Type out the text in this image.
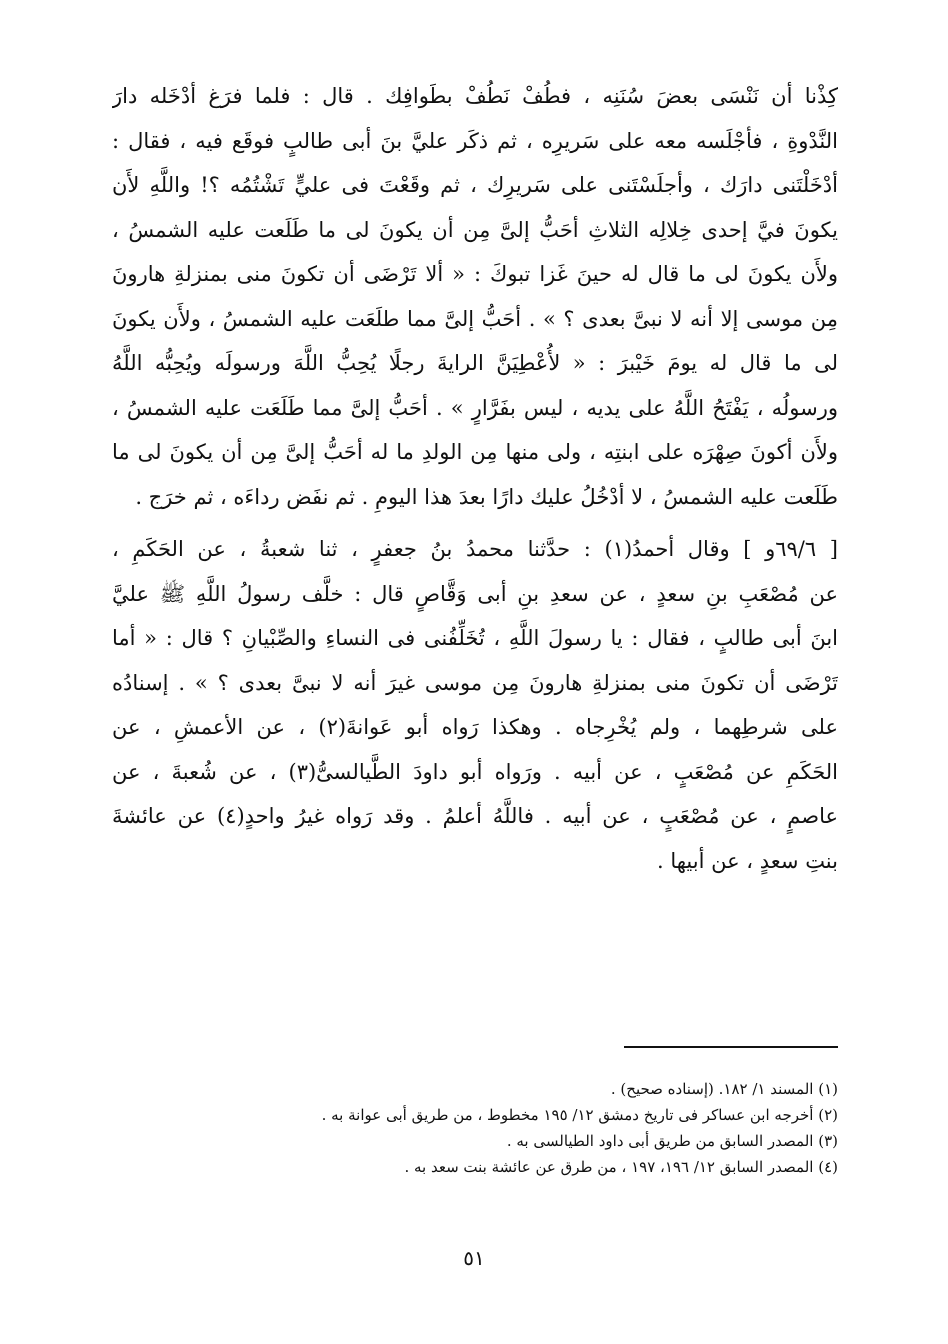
كِذْنا أن نَنْسَى بعضَ سُنَنِه ، فطُفْ نَطُفْ بطَوافِك . قال : فلما فرَغ أدْخَله دارَ
النَّدْوةِ ، فأجْلَسه معه على سَريرِه ، ثم ذكَر عليَّ بنَ أبى طالبٍ فوقَع فيه ، فقال :
أدْخَلْتَنى دارَك ، وأجلَسْتَنى على سَريرِك ، ثم وقَعْتَ فى عليٍّ تَشْتُمُه ؟! واللَّهِ لأَن
يكونَ فيَّ إحدى خِلالِه الثلاثِ أحَبُّ إلىَّ مِن أن يكونَ لى ما طَلَعت عليه الشمسُ ،
ولأَن يكونَ لى ما قال له حينَ غَزا تبوكَ : « ألا تَرْضَى أن تكونَ منى بمنزلةِ هارونَ
مِن موسى إلا أنه لا نبىَّ بعدى ؟ » . أحَبُّ إلىَّ مما طلَعَت عليه الشمسُ ، ولأَن يكونَ
لى ما قال له يومَ خَيْبرَ : « لأُعْطِيَنَّ الرايةَ رجلًا يُحِبُّ اللَّهَ ورسولَه ويُحِبُّه اللَّهُ
ورسولُه ، يَفْتَحُ اللَّهُ على يديه ، ليس بفَرَّارٍ » . أحَبُّ إلىَّ مما طَلَعَت عليه الشمسُ ،
ولأَن أكونَ صِهْرَه على ابنتِه ، ولى منها مِن الولدِ ما له أحَبُّ إلىَّ مِن أن يكونَ لى ما
طَلَعت عليه الشمسُ ، لا أدْخُلُ عليك دارًا بعدَ هذا اليومِ . ثم نفَض رداءَه ، ثم خرَج .
[ ٦٩/٦و ] وقال أحمدُ(١) : حدَّثنا محمدُ بنُ جعفرٍ ، ثنا شعبةُ ، عن الحَكَمِ ،
عن مُصْعَبِ بنِ سعدٍ ، عن سعدِ بنِ أبى وَقَّاصٍ قال : خلَّف رسولُ اللَّهِ ﷺ عليَّ
ابنَ أبى طالبٍ ، فقال : يا رسولَ اللَّهِ ، تُخَلِّفُنى فى النساءِ والصِّبْيانِ ؟ قال : « أما
تَرْضَى أن تكونَ منى بمنزلةِ هارونَ مِن موسى غيرَ أنه لا نبىَّ بعدى ؟ » . إسنادُه
على شرطِهما ، ولم يُخْرِجاه . وهكذا رَواه أبو عَوانةَ(٢) ، عن الأعمشِ ، عن
الحَكَمِ عن مُصْعَبٍ ، عن أبيه . ورَواه أبو داودَ الطَّيالسىُّ(٣) ، عن شُعبةَ ، عن
عاصمٍ ، عن مُصْعَبٍ ، عن أبيه . فاللَّهُ أعلمُ . وقد رَواه غيرُ واحدٍ(٤) عن عائشةَ
بنتِ سعدٍ ، عن أبيها .
(١) المسند ١/ ١٨٢. (إسناده صحيح) .
(٢) أخرجه ابن عساكر فى تاريخ دمشق ١٢/ ١٩٥ مخطوط ، من طريق أبى عوانة به .
(٣) المصدر السابق من طريق أبى داود الطيالسى به .
(٤) المصدر السابق ١٢/ ١٩٦، ١٩٧ ، من طرق عن عائشة بنت سعد به .
٥١
